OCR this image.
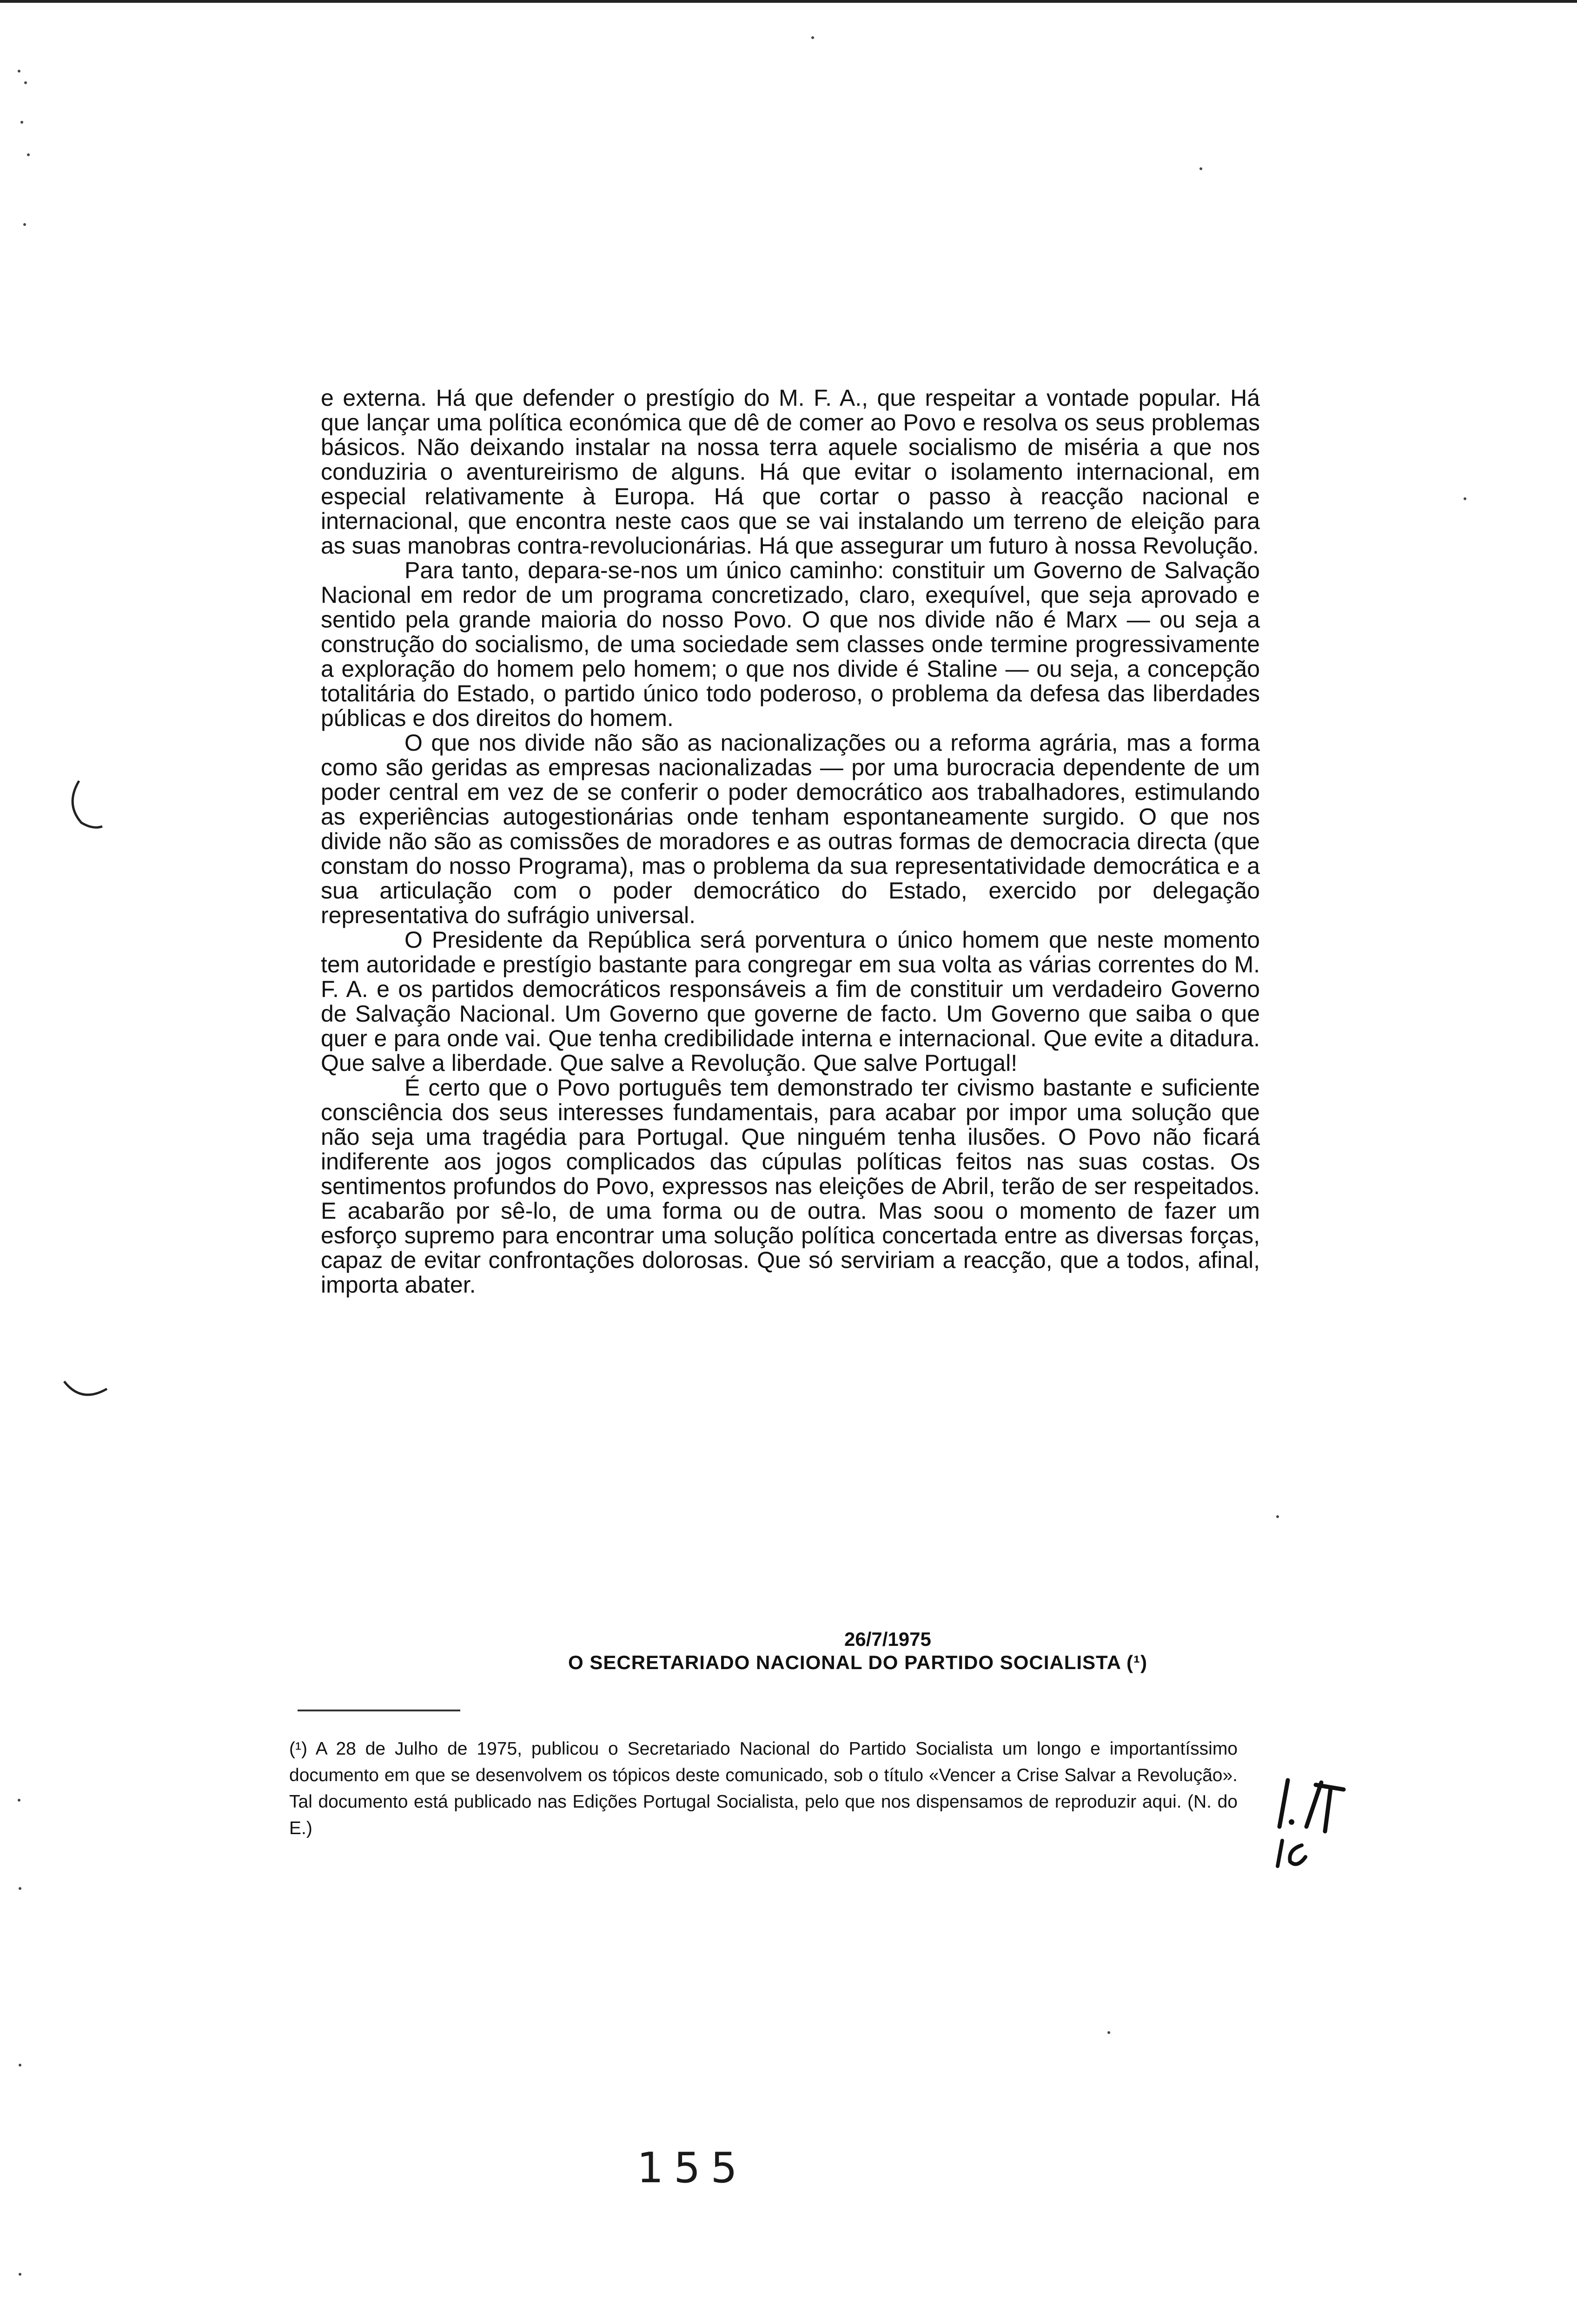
e externa. Há que defender o prestígio do M. F. A., que respeitar a vontade popular. Há que lançar uma política económica que dê de comer ao Povo e resolva os seus problemas básicos. Não deixando instalar na nossa terra aquele socialismo de miséria a que nos conduziria o aventureirismo de alguns. Há que evitar o isolamento internacional, em especial relativamente à Europa. Há que cortar o passo à reacção nacional e internacional, que encontra neste caos que se vai instalando um terreno de eleição para as suas manobras contra-revolucionárias. Há que assegurar um futuro à nossa Revolução.

Para tanto, depara-se-nos um único caminho: constituir um Governo de Salvação Nacional em redor de um programa concretizado, claro, exequível, que seja aprovado e sentido pela grande maioria do nosso Povo. O que nos divide não é Marx — ou seja a construção do socialismo, de uma sociedade sem classes onde termine progressivamente a exploração do homem pelo homem; o que nos divide é Staline — ou seja, a concepção totalitária do Estado, o partido único todo poderoso, o problema da defesa das liberdades públicas e dos direitos do homem.

O que nos divide não são as nacionalizações ou a reforma agrária, mas a forma como são geridas as empresas nacionalizadas — por uma burocracia dependente de um poder central em vez de se conferir o poder democrático aos trabalhadores, estimulando as experiências autogestionárias onde tenham espontaneamente surgido. O que nos divide não são as comissões de moradores e as outras formas de democracia directa (que constam do nosso Programa), mas o problema da sua representatividade democrática e a sua articulação com o poder democrático do Estado, exercido por delegação representativa do sufrágio universal.

O Presidente da República será porventura o único homem que neste momento tem autoridade e prestígio bastante para congregar em sua volta as várias correntes do M. F. A. e os partidos democráticos responsáveis a fim de constituir um verdadeiro Governo de Salvação Nacional. Um Governo que governe de facto. Um Governo que saiba o que quer e para onde vai. Que tenha credibilidade interna e internacional. Que evite a ditadura. Que salve a liberdade. Que salve a Revolução. Que salve Portugal!

É certo que o Povo português tem demonstrado ter civismo bastante e suficiente consciência dos seus interesses fundamentais, para acabar por impor uma solução que não seja uma tragédia para Portugal. Que ninguém tenha ilusões. O Povo não ficará indiferente aos jogos complicados das cúpulas políticas feitos nas suas costas. Os sentimentos profundos do Povo, expressos nas eleições de Abril, terão de ser respeitados. E acabarão por sê-lo, de uma forma ou de outra. Mas soou o momento de fazer um esforço supremo para encontrar uma solução política concertada entre as diversas forças, capaz de evitar confrontações dolorosas. Que só serviriam a reacção, que a todos, afinal, importa abater.

26/7/1975
O SECRETARIADO NACIONAL DO PARTIDO SOCIALISTA (¹)
(¹) A 28 de Julho de 1975, publicou o Secretariado Nacional do Partido Socialista um longo e importantíssimo documento em que se desenvolvem os tópicos deste comunicado, sob o título «Vencer a Crise Salvar a Revolução». Tal documento está publicado nas Edições Portugal Socialista, pelo que nos dispensamos de reproduzir aqui. (N. do E.)
155
